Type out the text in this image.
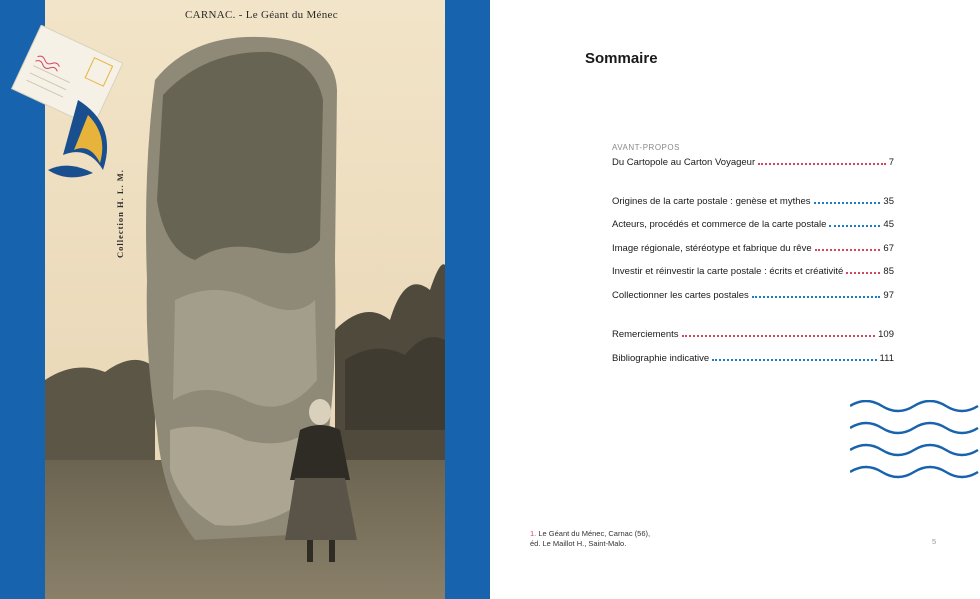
CARNAC. - Le Géant du Ménec
Collection H. L. M.
Sommaire
AVANT-PROPOS
Du Cartopole au Carton Voyageur	7
Origines de la carte postale : genèse et mythes	35
Acteurs, procédés et commerce de la carte postale	45
Image régionale, stéréotype et fabrique du rêve	67
Investir et réinvestir la carte postale : écrits et créativité	85
Collectionner les cartes postales	97
Remerciements	109
Bibliographie indicative	111
1. Le Géant du Ménec, Carnac (56),
éd. Le Maillot H., Saint-Malo.	5
